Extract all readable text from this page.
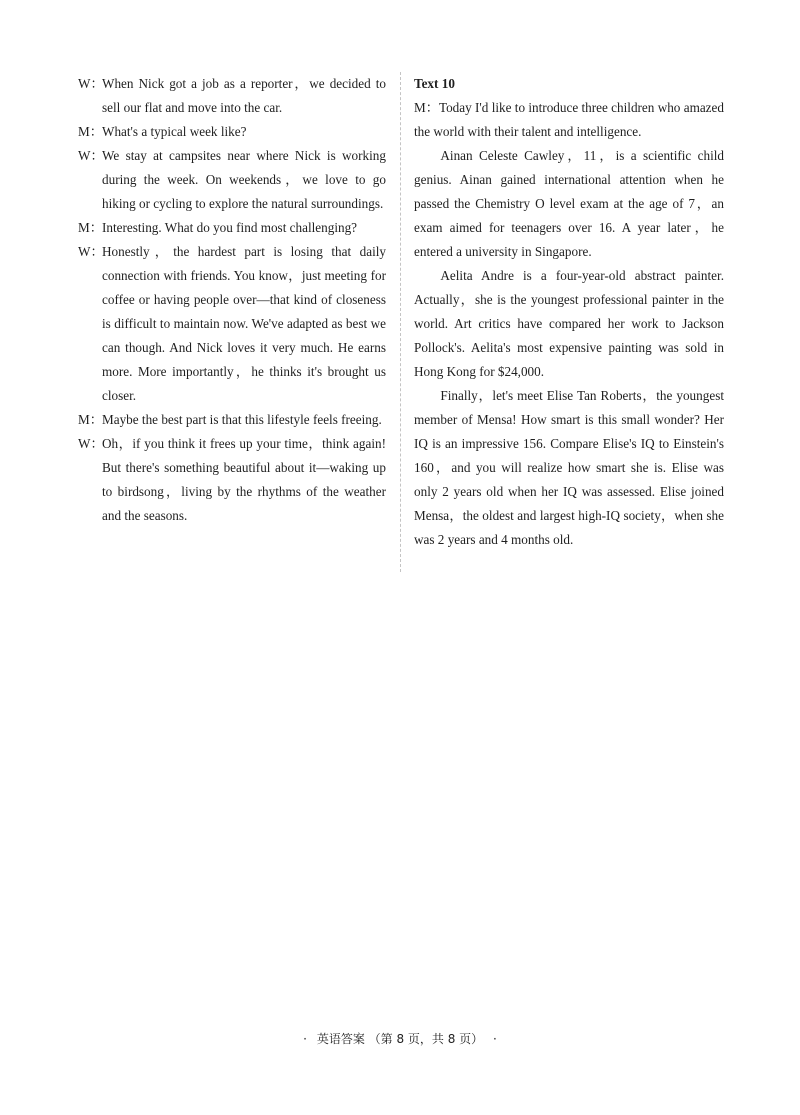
W：
When Nick got a job as a reporter，we decided to sell our flat and move into the car.
M： What's a typical week like?
W：
We stay at campsites near where Nick is working during the week. On weekends，we love to go hiking or cycling to explore the natural surroundings.
M： Interesting. What do you find most challenging?
W：
Honestly，the hardest part is losing that daily connection with friends. You know，just meeting for coffee or having people over—that kind of closeness is difficult to maintain now. We've adapted as best we can though. And Nick loves it very much. He earns more. More importantly，he thinks it's brought us closer.
M： Maybe the best part is that this lifestyle feels freeing.
W：
Oh，if you think it frees up your time，think again! But there's something beautiful about it—waking up to birdsong，living by the rhythms of the weather and the seasons.
Text 10
M：Today I'd like to introduce three children who amazed the world with their talent and intelligence.
Ainan Celeste Cawley，11，is a scientific child genius. Ainan gained international attention when he passed the Chemistry O level exam at the age of 7，an exam aimed for teenagers over 16. A year later，he entered a university in Singapore.
Aelita Andre is a four-year-old abstract painter. Actually，she is the youngest professional painter in the world. Art critics have compared her work to Jackson Pollock's. Aelita's most expensive painting was sold in Hong Kong for $24,000.
Finally，let's meet Elise Tan Roberts，the youngest member of Mensa! How smart is this small wonder? Her IQ is an impressive 156. Compare Elise's IQ to Einstein's 160，and you will realize how smart she is. Elise was only 2 years old when her IQ was assessed. Elise joined Mensa，the oldest and largest high-IQ society，when she was 2 years and 4 months old.
· 英语答案 （第 8 页，共 8 页） ·
